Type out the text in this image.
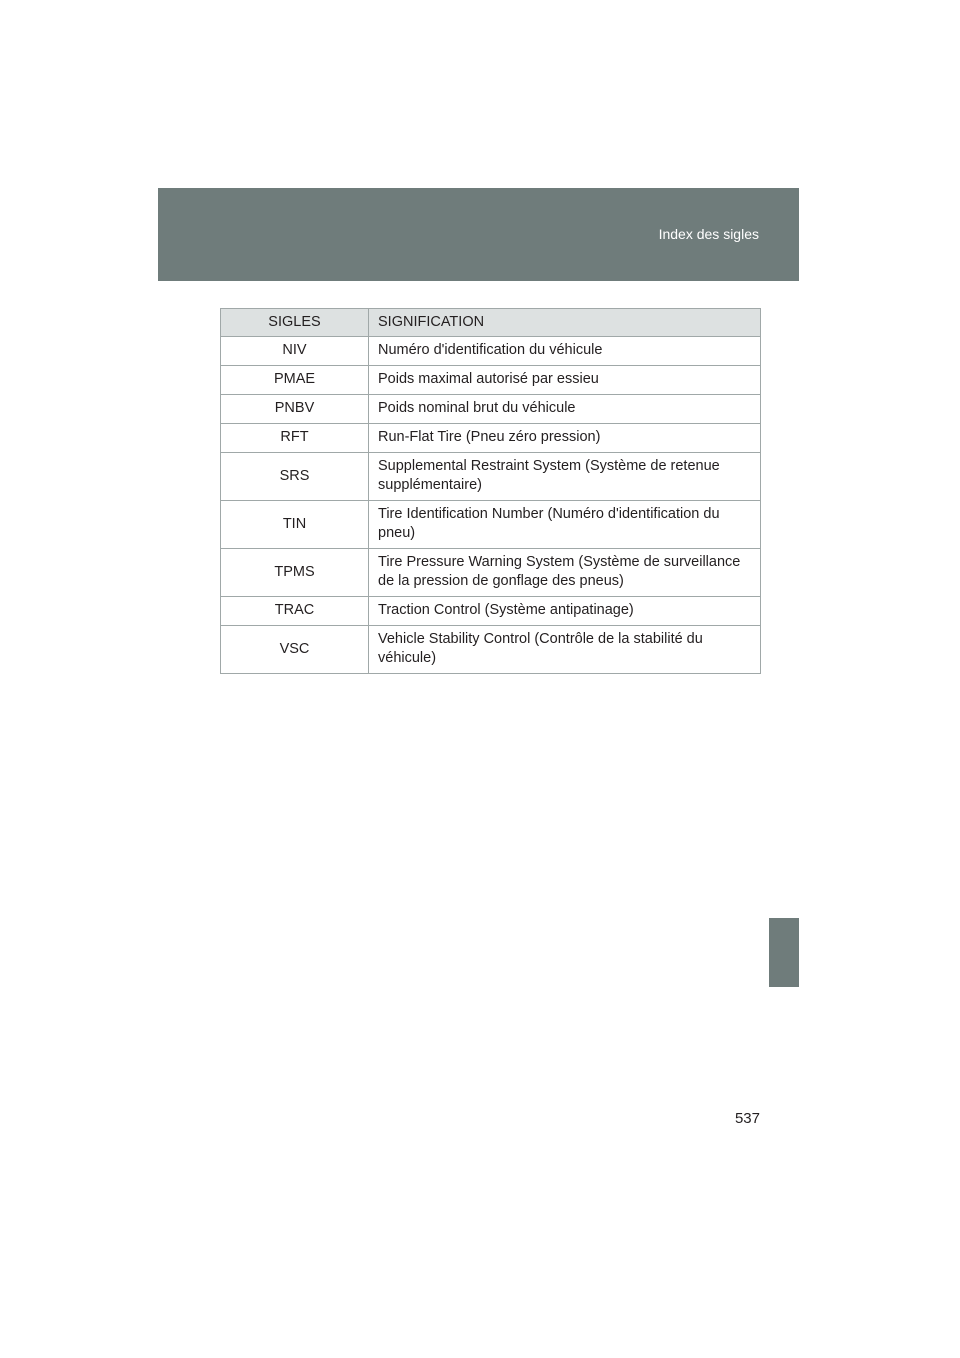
Index des sigles
SIGLES	SIGNIFICATION
NIV	Numéro d'identification du véhicule
PMAE	Poids maximal autorisé par essieu
PNBV	Poids nominal brut du véhicule
RFT	Run-Flat Tire (Pneu zéro pression)
SRS	Supplemental Restraint System (Système de retenue supplémentaire)
TIN	Tire Identification Number (Numéro d'identification du pneu)
TPMS	Tire Pressure Warning System (Système de surveillance de la pression de gonflage des pneus)
TRAC	Traction Control (Système antipatinage)
VSC	Vehicle Stability Control (Contrôle de la stabilité du véhicule)
537
